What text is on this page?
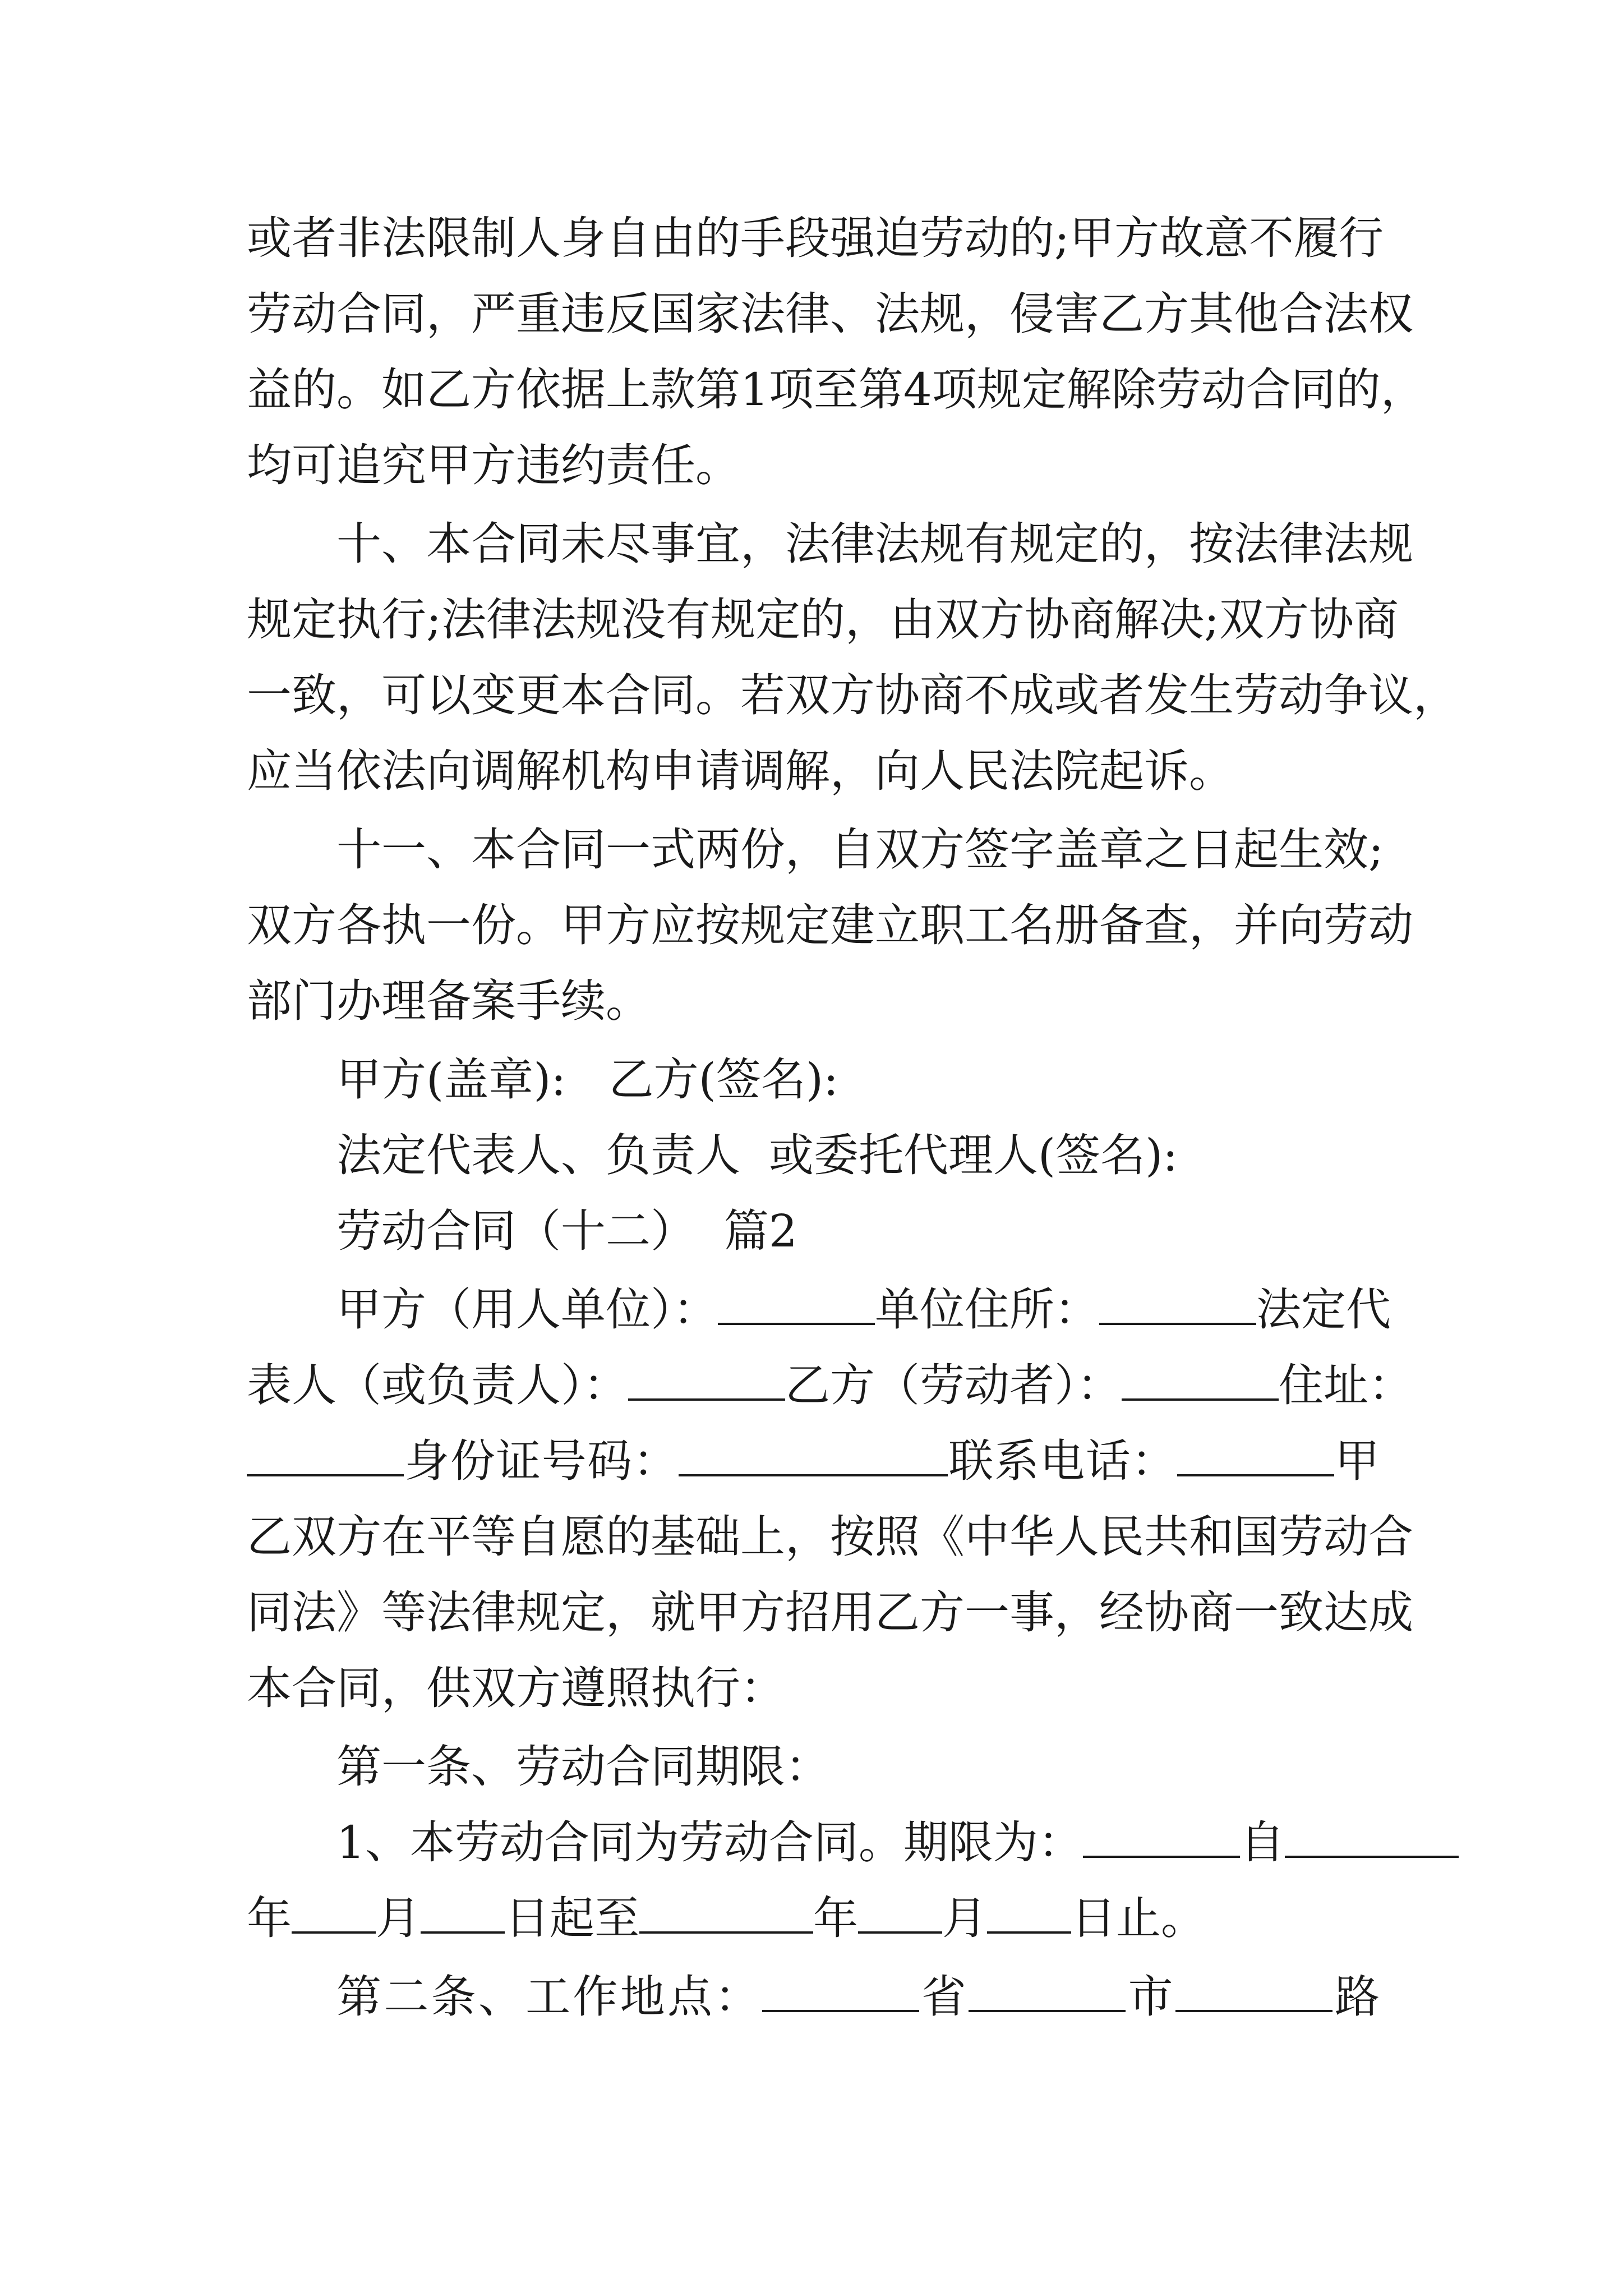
或者非法限制人身自由的手段强迫劳动的;甲方故意不履行
劳动合同，严重违反国家法律、法规，侵害乙方其他合法权
益的。如乙方依据上款第1项至第4项规定解除劳动合同的，
均可追究甲方违约责任。
十、本合同未尽事宜，法律法规有规定的，按法律法规
规定执行;法律法规没有规定的，由双方协商解决;双方协商
一致，可以变更本合同。若双方协商不成或者发生劳动争议，
应当依法向调解机构申请调解，向人民法院起诉。
十一、本合同一式两份，自双方签字盖章之日起生效;
双方各执一份。甲方应按规定建立职工名册备查，并向劳动
部门办理备案手续。
甲方(盖章):   乙方(签名):
法定代表人、负责人  或委托代理人(签名):
劳动合同（十二）  篇2
甲方（用人单位）：	单位住所：	法定代
表人（或负责人）：	乙方（劳动者）：	住址：
身份证号码：	联系电话：	甲
乙双方在平等自愿的基础上，按照《中华人民共和国劳动合
同法》等法律规定，就甲方招用乙方一事，经协商一致达成
本合同，供双方遵照执行：
第一条、劳动合同期限：
1、本劳动合同为劳动合同。期限为：	自
年 月 日起至	年 月 日止。
第二条、工作地点：	省	市	路
